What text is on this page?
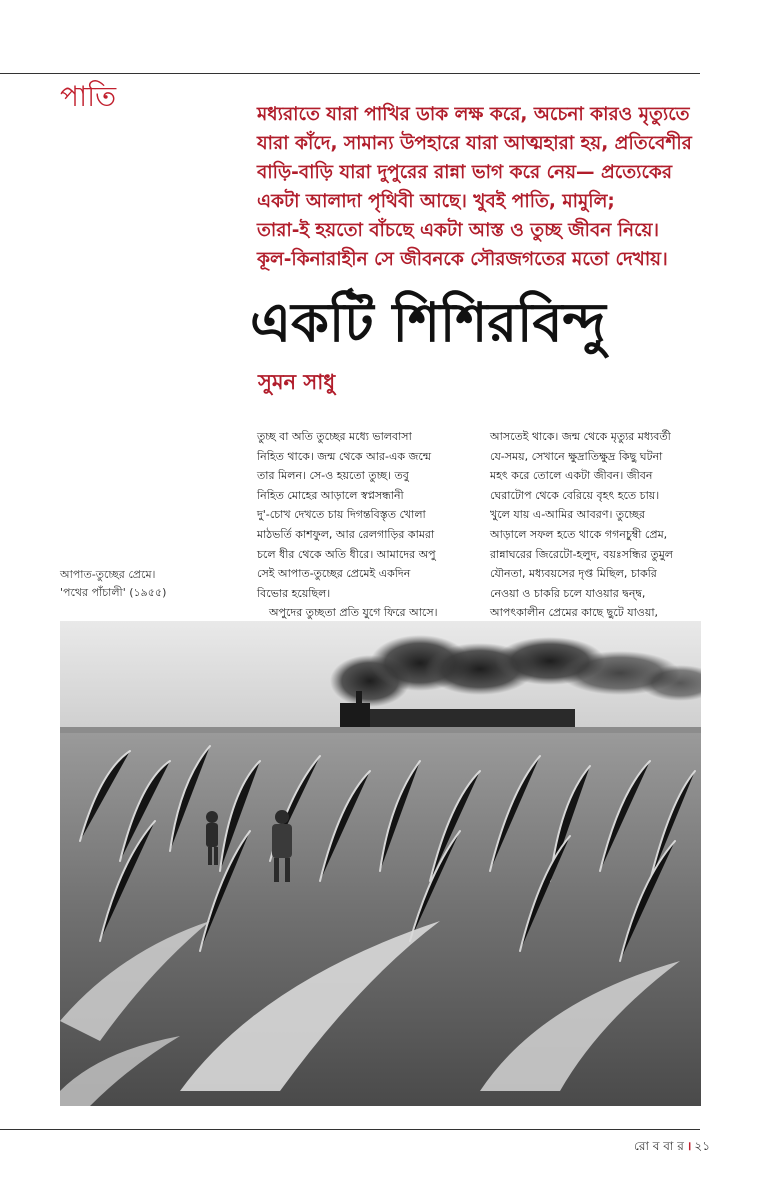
পাতি

মধ্যরাতে যারা পাখির ডাক লক্ষ করে, অচেনা কারও মৃত্যুতে

যারা কাঁদে, সামান্য উপহারে যারা আত্মহারা হয়, প্রতিবেশীর

বাড়ি-বাড়ি যারা দুপুরের রান্না ভাগ করে নেয়— প্রত্যেকের

একটা আলাদা পৃথিবী আছে। খুবই পাতি, মামুলি;

তারা-ই হয়তো বাঁচছে একটা আস্ত ও তুচ্ছ জীবন নিয়ে।

কূল-কিনারাহীন সে জীবনকে সৌরজগতের মতো দেখায়।

একটি শিশিরবিন্দু
সুমন সাধু

তুচ্ছ বা অতি তুচ্ছের মধ্যে ভালবাসা

নিহিত থাকে। জন্ম থেকে আর-এক জন্মে

তার মিলন। সে-ও হয়তো তুচ্ছ। তবু

নিহিত মোহের আড়ালে স্বপ্নসন্ধানী

দু'-চোখ দেখতে চায় দিগন্তবিস্তৃত খোলা

মাঠভর্তি কাশফুল, আর রেলগাড়ির কামরা

চলে ধীর থেকে অতি ধীরে। আমাদের অপু

সেই আপাত-তুচ্ছের প্রেমেই একদিন

বিভোর হয়েছিল।

অপুদের তুচ্ছতা প্রতি যুগে ফিরে আসে।

আসতেই থাকে। জন্ম থেকে মৃত্যুর মধ্যবর্তী

যে-সময়, সেখানে ক্ষুদ্রাতিক্ষুদ্র কিছু ঘটনা

মহৎ করে তোলে একটা জীবন। জীবন

ঘেরাটোপ থেকে বেরিয়ে বৃহৎ হতে চায়।

খুলে যায় এ-আমির আবরণ। তুচ্ছের

আড়ালে সফল হতে থাকে গগনচুম্বী প্রেম,

রান্নাঘরের জিরেটো-হলুদ, বয়ঃসন্ধির তুমুল

যৌনতা, মধ্যবয়সের দৃপ্ত মিছিল, চাকরি

নেওয়া ও চাকরি চলে যাওয়ার দ্বন্দ্ব,

আপৎকালীন প্রেমের কাছে ছুটে যাওয়া,

আপাত-তুচ্ছের প্রেমে।

'পথের পাঁচালী' (১৯৫৫)

রো ব বা র । ২১
